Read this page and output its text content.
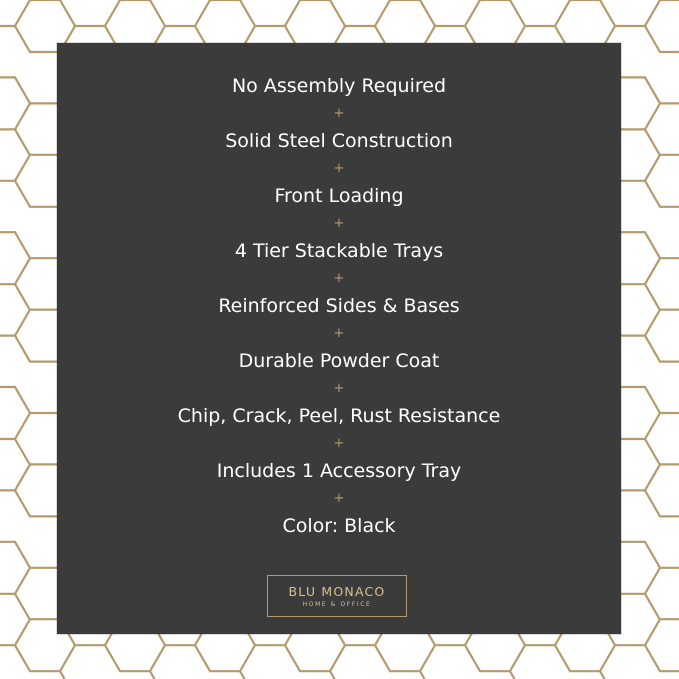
No Assembly Required
+
Solid Steel Construction
+
Front Loading
+
4 Tier Stackable Trays
+
Reinforced Sides & Bases
+
Durable Powder Coat
+
Chip, Crack, Peel, Rust Resistance
+
Includes 1 Accessory Tray
+
Color: Black
BLU MONACO
HOME & OFFICE
